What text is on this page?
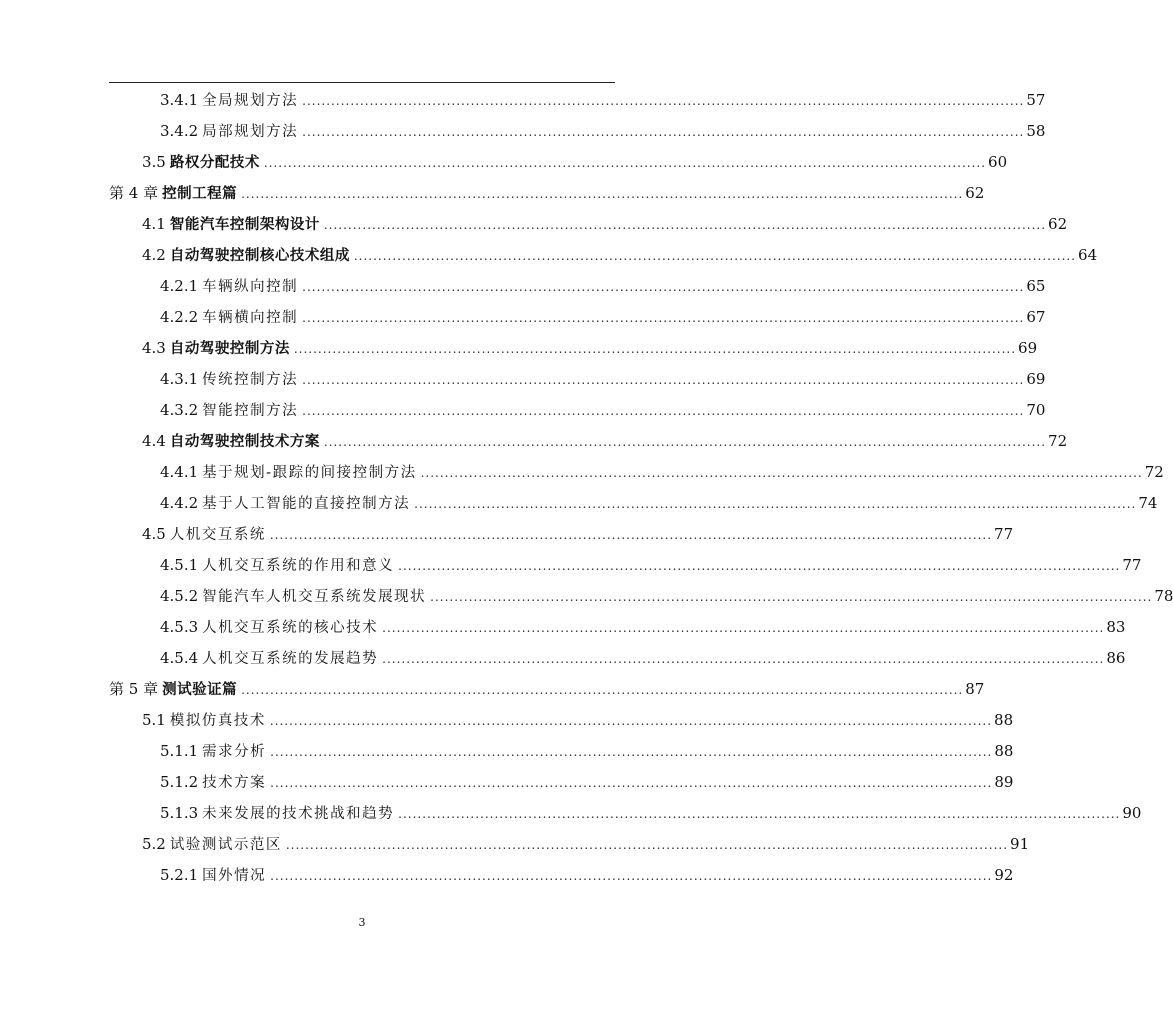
3.4.1 全局规划方法 ...................................................................................................................................................... 57
3.4.2 局部规划方法 ...................................................................................................................................................... 58
3.5 路权分配技术 ...................................................................................................................................................... 60
第 4 章 控制工程篇 ...................................................................................................................................................... 62
4.1 智能汽车控制架构设计 ...................................................................................................................................................... 62
4.2 自动驾驶控制核心技术组成 ...................................................................................................................................................... 64
4.2.1 车辆纵向控制 ...................................................................................................................................................... 65
4.2.2 车辆横向控制 ...................................................................................................................................................... 67
4.3 自动驾驶控制方法 ...................................................................................................................................................... 69
4.3.1 传统控制方法 ...................................................................................................................................................... 69
4.3.2 智能控制方法 ...................................................................................................................................................... 70
4.4 自动驾驶控制技术方案 ...................................................................................................................................................... 72
4.4.1 基于规划-跟踪的间接控制方法 ...................................................................................................................................................... 72
4.4.2 基于人工智能的直接控制方法 ...................................................................................................................................................... 74
4.5 人机交互系统 ...................................................................................................................................................... 77
4.5.1 人机交互系统的作用和意义 ...................................................................................................................................................... 77
4.5.2 智能汽车人机交互系统发展现状 ...................................................................................................................................................... 78
4.5.3 人机交互系统的核心技术 ...................................................................................................................................................... 83
4.5.4 人机交互系统的发展趋势 ...................................................................................................................................................... 86
第 5 章 测试验证篇 ...................................................................................................................................................... 87
5.1 模拟仿真技术 ...................................................................................................................................................... 88
5.1.1 需求分析 ...................................................................................................................................................... 88
5.1.2 技术方案 ...................................................................................................................................................... 89
5.1.3 未来发展的技术挑战和趋势 ...................................................................................................................................................... 90
5.2 试验测试示范区 ...................................................................................................................................................... 91
5.2.1 国外情况 ...................................................................................................................................................... 92
3
